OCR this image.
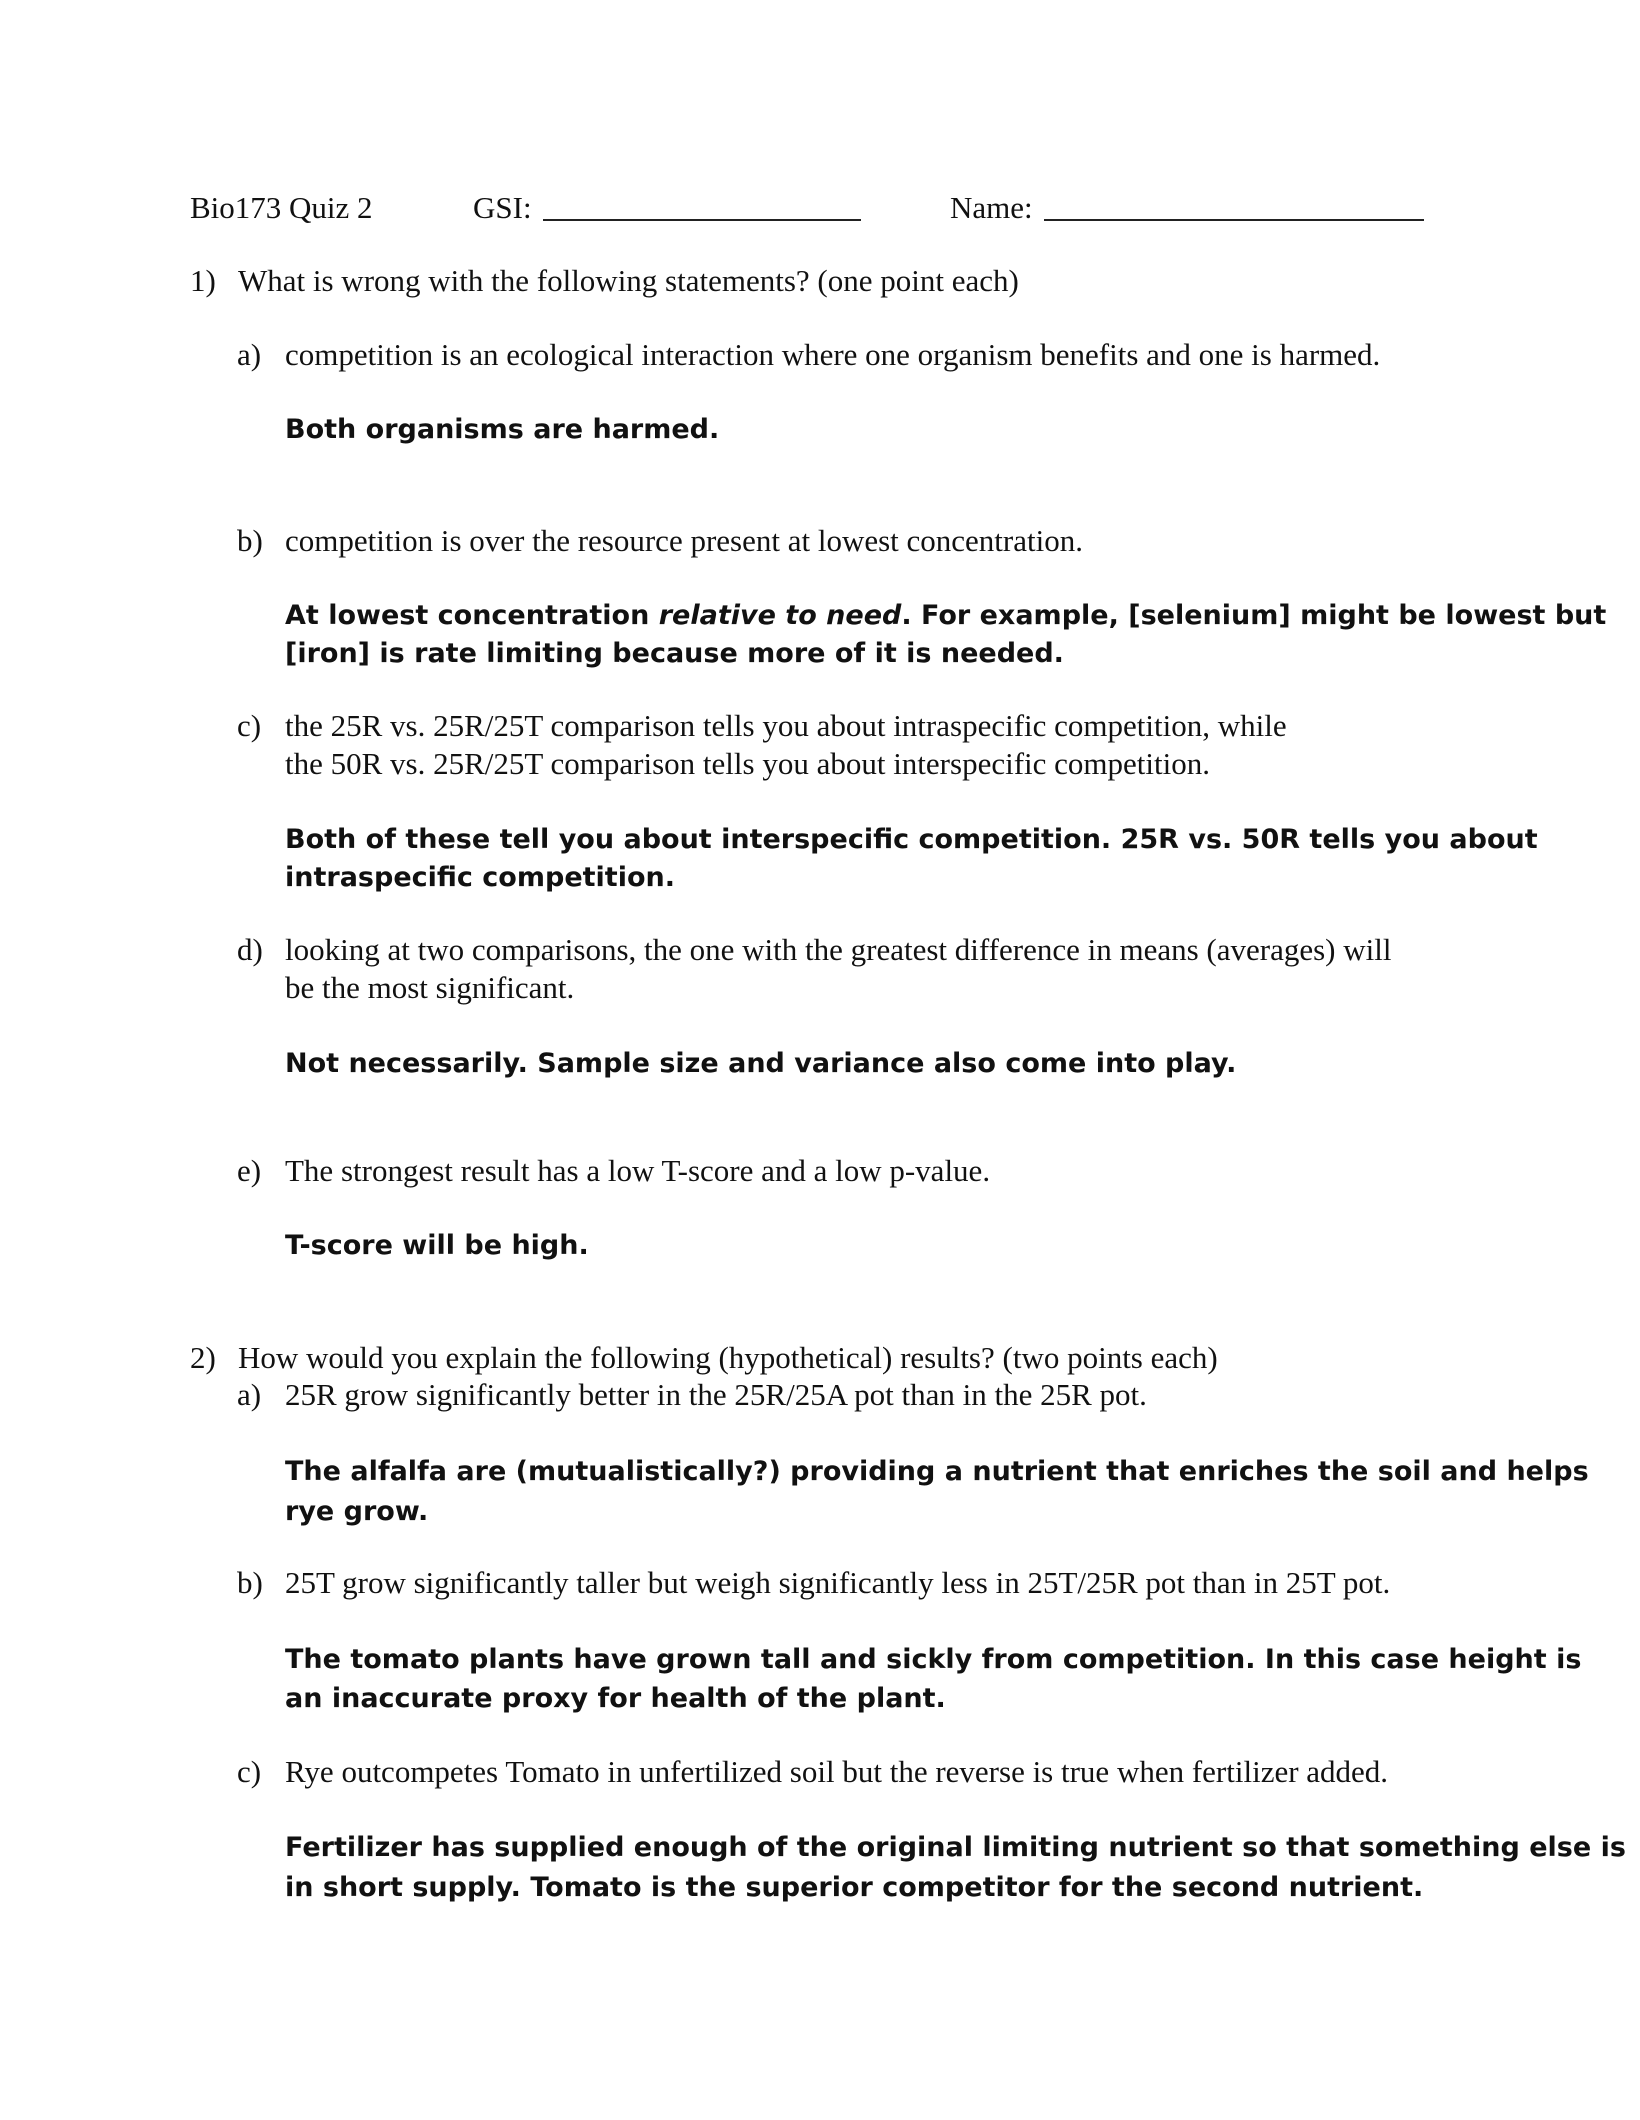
Bio173 Quiz 2	GSI:	Name:
1) What is wrong with the following statements? (one point each)
a) competition is an ecological interaction where one organism benefits and one is harmed.
Both organisms are harmed.
b) competition is over the resource present at lowest concentration.
At lowest concentration relative to need. For example, [selenium] might be lowest but
[iron] is rate limiting because more of it is needed.
c) the 25R vs. 25R/25T comparison tells you about intraspecific competition, while
the 50R vs. 25R/25T comparison tells you about interspecific competition.
Both of these tell you about interspecific competition. 25R vs. 50R tells you about
intraspecific competition.
d) looking at two comparisons, the one with the greatest difference in means (averages) will
be the most significant.
Not necessarily. Sample size and variance also come into play.
e) The strongest result has a low T-score and a low p-value.
T-score will be high.
2) How would you explain the following (hypothetical) results? (two points each)
a) 25R grow significantly better in the 25R/25A pot than in the 25R pot.
The alfalfa are (mutualistically?) providing a nutrient that enriches the soil and helps
rye grow.
b) 25T grow significantly taller but weigh significantly less in 25T/25R pot than in 25T pot.
The tomato plants have grown tall and sickly from competition. In this case height is
an inaccurate proxy for health of the plant.
c) Rye outcompetes Tomato in unfertilized soil but the reverse is true when fertilizer added.
Fertilizer has supplied enough of the original limiting nutrient so that something else is
in short supply. Tomato is the superior competitor for the second nutrient.
